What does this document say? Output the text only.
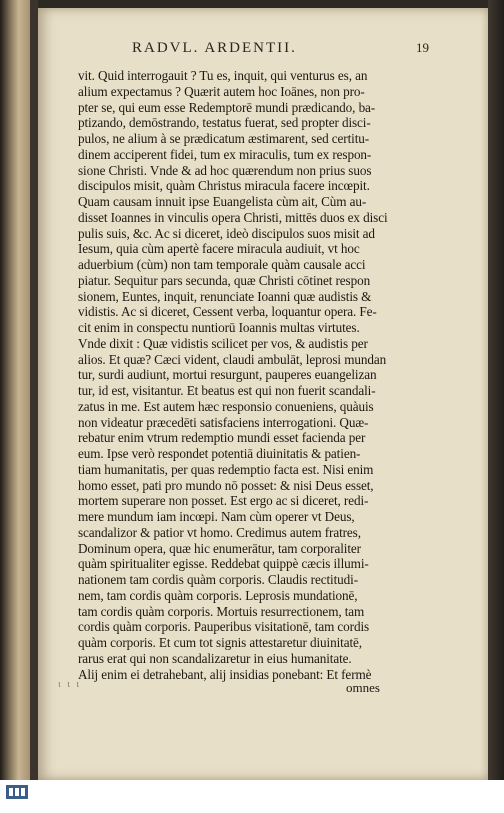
RADVL. ARDENTII.	19
vit. Quid interrogauit ? Tu es, inquit, qui venturus es, an
alium expectamus ? Quærit autem hoc Ioānes, non pro-
pter se, qui eum esse Redemptorē mundi prædicando, ba-
ptizando, demōstrando, testatus fuerat, sed propter disci-
pulos, ne alium à se prædicatum æstimarent, sed certitu-
dinem acciperent fidei, tum ex miraculis, tum ex respon-
sione Christi. Vnde & ad hoc quærendum non prius suos
discipulos misit, quàm Christus miracula facere incœpit.
Quam causam innuit ipse Euangelista cùm ait, Cùm au-
disset Ioannes in vinculis opera Christi, mittēs duos ex disci
pulis suis, &c. Ac si diceret, ideò discipulos suos misit ad
Iesum, quia cùm apertè facere miracula audiuit, vt hoc
aduerbium (cùm) non tam temporale quàm causale acci
piatur. Sequitur pars secunda, quæ Christi cōtinet respon
sionem, Euntes, inquit, renunciate Ioanni quæ audistis &
vidistis. Ac si diceret, Cessent verba, loquantur opera. Fe-
cit enim in conspectu nuntiorū Ioannis multas virtutes.
Vnde dixit : Quæ vidistis scilicet per vos, & audistis per
alios. Et quæ? Cæci vident, claudi ambulāt, leprosi mundan
tur, surdi audiunt, mortui resurgunt, pauperes euangelizan
tur, id est, visitantur. Et beatus est qui non fuerit scandali-
zatus in me. Est autem hæc responsio conueniens, quàuis
non videatur præcedēti satisfaciens interrogationi. Quæ-
rebatur enim vtrum redemptio mundi esset facienda per
eum. Ipse verò respondet potentiā diuinitatis & patien-
tiam humanitatis, per quas redemptio facta est. Nisi enim
homo esset, pati pro mundo nō posset: & nisi Deus esset,
mortem superare non posset. Est ergo ac si diceret, redi-
mere mundum iam incœpi. Nam cùm operer vt Deus,
scandalizor & patior vt homo. Credimus autem fratres,
Dominum opera, quæ hic enumerātur, tam corporaliter
quàm spiritualiter egisse. Reddebat quippè cæcis illumi-
nationem tam cordis quàm corporis. Claudis rectitudi-
nem, tam cordis quàm corporis. Leprosis mundationē,
tam cordis quàm corporis. Mortuis resurrectionem, tam
cordis quàm corporis. Pauperibus visitationē, tam cordis
quàm corporis. Et cum tot signis attestaretur diuinitatē,
rarus erat qui non scandalizaretur in eius humanitate.
Alij enim ei detrahebant, alij insidias ponebant: Et fermè
ι ι ι	omnes
